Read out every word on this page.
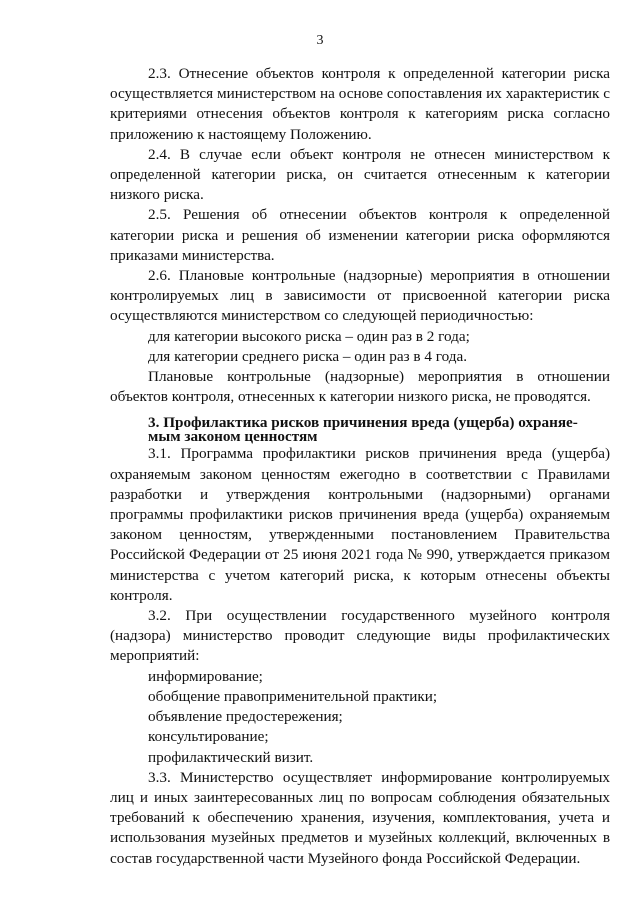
3

2.3. Отнесение объектов контроля к определенной категории риска осуществляется министерством на основе сопоставления их характеристик с критериями отнесения объектов контроля к категориям риска согласно приложению к настоящему Положению.

2.4. В случае если объект контроля не отнесен министерством к определенной категории риска, он считается отнесенным к категории низкого риска.

2.5. Решения об отнесении объектов контроля к определенной категории риска и решения об изменении категории риска оформляются приказами министерства.

2.6. Плановые контрольные (надзорные) мероприятия в отношении контролируемых лиц в зависимости от присвоенной категории риска осуществляются министерством со следующей периодичностью:

для категории высокого риска – один раз в 2 года;

для категории среднего риска – один раз в 4 года.

Плановые контрольные (надзорные) мероприятия в отношении объектов контроля, отнесенных к категории низкого риска, не проводятся.

3. Профилактика рисков причинения вреда (ущерба) охраняе-мым законом ценностям

3.1. Программа профилактики рисков причинения вреда (ущерба) охраняемым законом ценностям ежегодно в соответствии с Правилами разработки и утверждения контрольными (надзорными) органами программы профилактики рисков причинения вреда (ущерба) охраняемым законом ценностям, утвержденными постановлением Правительства Российской Федерации от 25 июня 2021 года № 990, утверждается приказом министерства с учетом категорий риска, к которым отнесены объекты контроля.

3.2. При осуществлении государственного музейного контроля (надзора) министерство проводит следующие виды профилактических мероприятий:

информирование;

обобщение правоприменительной практики;

объявление предостережения;

консультирование;

профилактический визит.

3.3. Министерство осуществляет информирование контролируемых лиц и иных заинтересованных лиц по вопросам соблюдения обязательных требований к обеспечению хранения, изучения, комплектования, учета и использования музейных предметов и музейных коллекций, включенных в состав государственной части Музейного фонда Российской Федерации.
